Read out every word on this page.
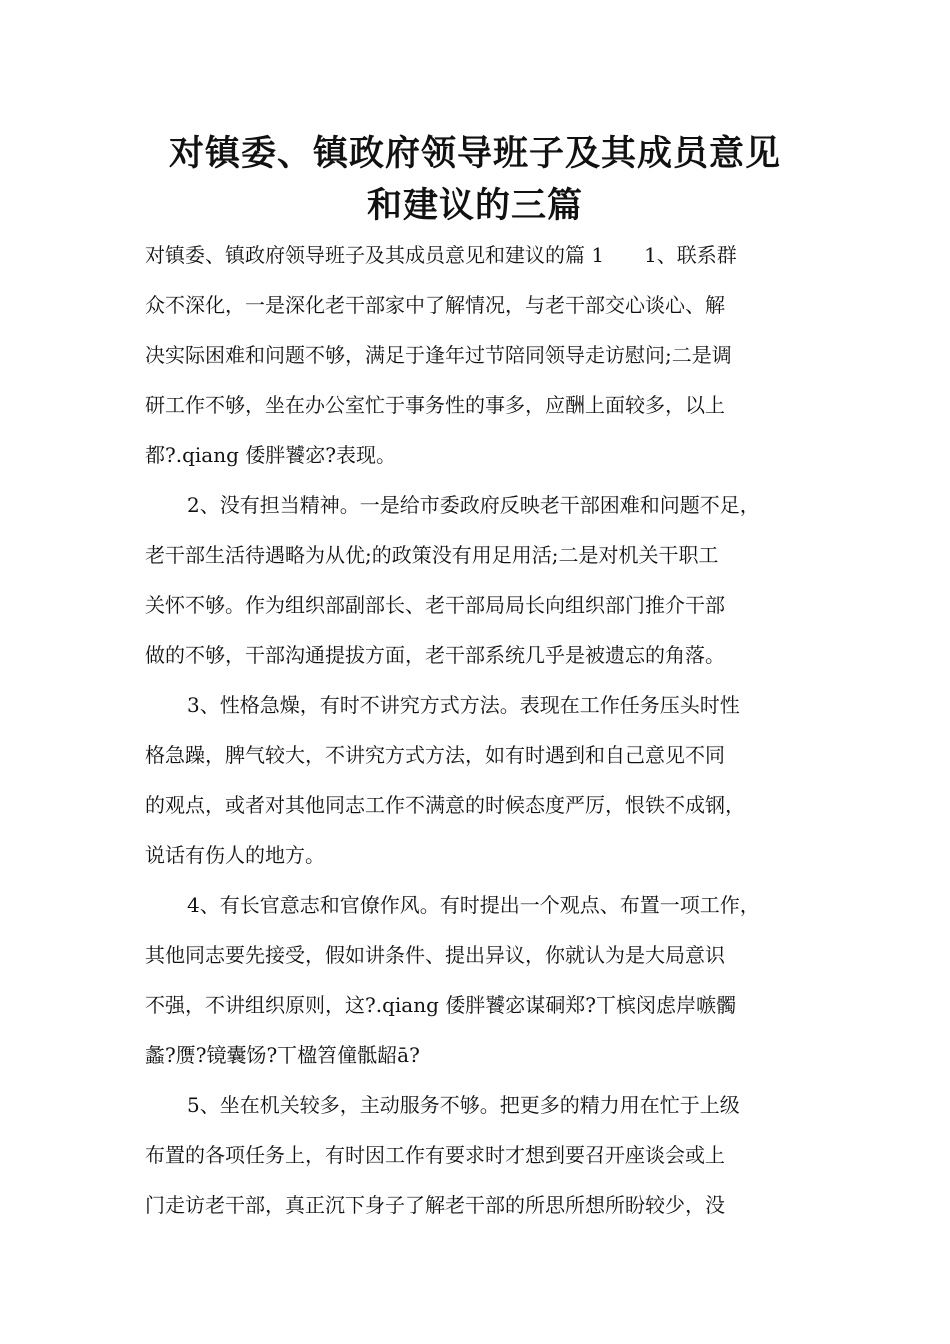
对镇委、镇政府领导班子及其成员意见
和建议的三篇
对镇委、镇政府领导班子及其成员意见和建议的篇 1　　1、联系群
众不深化，一是深化老干部家中了解情况，与老干部交心谈心、解
决实际困难和问题不够，满足于逢年过节陪同领导走访慰问;二是调
研工作不够，坐在办公室忙于事务性的事多，应酬上面较多，以上
都?.qiang 倭胖饕宓?表现。
2、没有担当精神。一是给市委政府反映老干部困难和问题不足，
老干部生活待遇略为从优;的政策没有用足用活;二是对机关干职工
关怀不够。作为组织部副部长、老干部局局长向组织部门推介干部
做的不够，干部沟通提拔方面，老干部系统几乎是被遗忘的角落。
3、性格急燥，有时不讲究方式方法。表现在工作任务压头时性
格急躁，脾气较大，不讲究方式方法，如有时遇到和自己意见不同
的观点，或者对其他同志工作不满意的时候态度严厉，恨铁不成钢，
说话有伤人的地方。
4、有长官意志和官僚作风。有时提出一个观点、布置一项工作，
其他同志要先接受，假如讲条件、提出异议，你就认为是大局意识
不强，不讲组织原则，这?.qiang 倭胖饕宓谋硐郑?丅槟闵虑岸嗾髑
蠡?赝?镜囊饧?丅楹笤僮骶龆ā?
5、坐在机关较多，主动服务不够。把更多的精力用在忙于上级
布置的各项任务上，有时因工作有要求时才想到要召开座谈会或上
门走访老干部，真正沉下身子了解老干部的所思所想所盼较少，没
